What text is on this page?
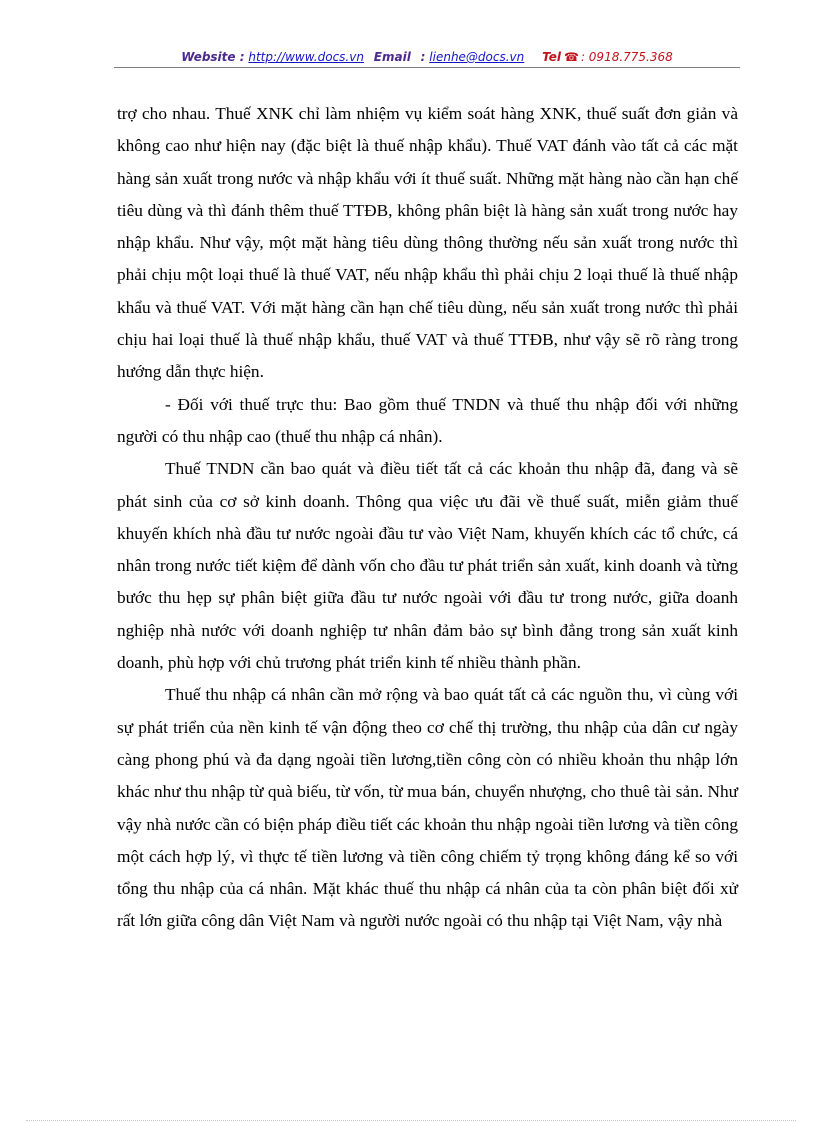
Website : http://www.docs.vn Email : lienhe@docs.vn Tel ☎ : 0918.775.368

trợ cho nhau. Thuế XNK chỉ làm nhiệm vụ kiểm soát hàng XNK, thuế suất đơn giản và không cao như hiện nay (đặc biệt là thuế nhập khẩu). Thuế VAT đánh vào tất cả các mặt hàng sản xuất trong nước và nhập khẩu với ít thuế suất. Những mặt hàng nào cần hạn chế tiêu dùng và thì đánh thêm thuế TTĐB, không phân biệt là hàng sản xuất trong nước hay nhập khẩu. Như vậy, một mặt hàng tiêu dùng thông thường nếu sản xuất trong nước thì phải chịu một loại thuế là thuế VAT, nếu nhập khẩu thì phải chịu 2 loại thuế là thuế nhập khẩu và thuế VAT. Với mặt hàng cần hạn chế tiêu dùng, nếu sản xuất trong nước thì phải chịu hai loại thuế là thuế nhập khẩu, thuế VAT và thuế TTĐB, như vậy sẽ rõ ràng trong hướng dẫn thực hiện.

- Đối với thuế trực thu: Bao gồm thuế TNDN và thuế thu nhập đối với những người có thu nhập cao (thuế thu nhập cá nhân).

Thuế TNDN cần bao quát và điều tiết tất cả các khoản thu nhập đã, đang và sẽ phát sinh của cơ sở kinh doanh. Thông qua việc ưu đãi về thuế suất, miễn giảm thuế khuyến khích nhà đầu tư nước ngoài đầu tư vào Việt Nam, khuyến khích các tổ chức, cá nhân trong nước tiết kiệm để dành vốn cho đầu tư phát triển sản xuất, kinh doanh và từng bước thu hẹp sự phân biệt giữa đầu tư nước ngoài với đầu tư trong nước, giữa doanh nghiệp nhà nước với doanh nghiệp tư nhân đảm bảo sự bình đẳng trong sản xuất kinh doanh, phù hợp với chủ trương phát triển kinh tế nhiều thành phần.

Thuế thu nhập cá nhân cần mở rộng và bao quát tất cả các nguồn thu, vì cùng với sự phát triển của nền kinh tế vận động theo cơ chế thị trường, thu nhập của dân cư ngày càng phong phú và đa dạng ngoài tiền lương,tiền công còn có nhiều khoản thu nhập lớn khác như thu nhập từ quà biếu, từ vốn, từ mua bán, chuyển nhượng, cho thuê tài sản. Như vậy nhà nước cần có biện pháp điều tiết các khoản thu nhập ngoài tiền lương và tiền công một cách hợp lý, vì thực tế tiền lương và tiền công chiếm tỷ trọng không đáng kể so với tổng thu nhập của cá nhân. Mặt khác thuế thu nhập cá nhân của ta còn phân biệt đối xử rất lớn giữa công dân Việt Nam và người nước ngoài có thu nhập tại Việt Nam, vậy nhà
